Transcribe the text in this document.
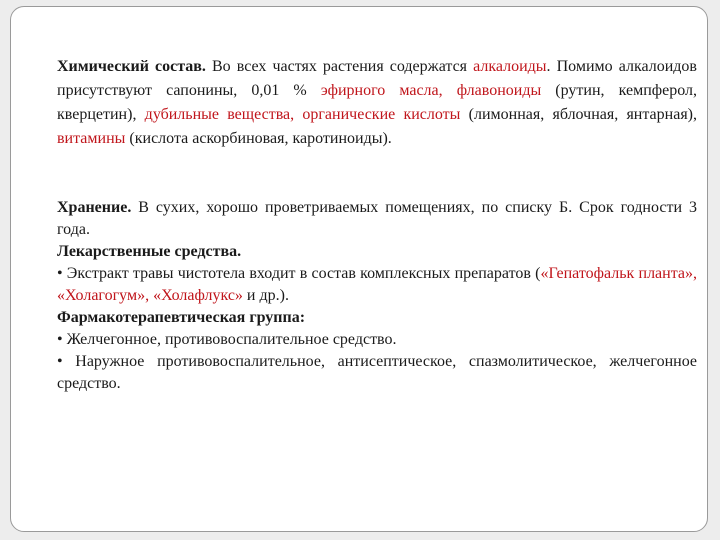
Химический состав. Во всех частях растения содержатся алкалоиды. Помимо алкалоидов присутствуют сапонины, 0,01 % эфирного масла, флавоноиды (рутин, кемпферол, кверцетин), дубильные вещества, органические кислоты (лимонная, яблочная, янтарная), витамины (кислота аскорбиновая, каротиноиды).

Хранение. В сухих, хорошо проветриваемых помещениях, по списку Б. Срок годности 3 года.

Лекарственные средства.

• Экстракт травы чистотела входит в состав комплексных препаратов («Гепатофальк планта», «Холагогум», «Холафлукс» и др.).

Фармакотерапевтическая группа:

• Желчегонное, противовоспалительное средство.

• Наружное противовоспалительное, антисептическое, спазмолитическое, желчегонное средство.
